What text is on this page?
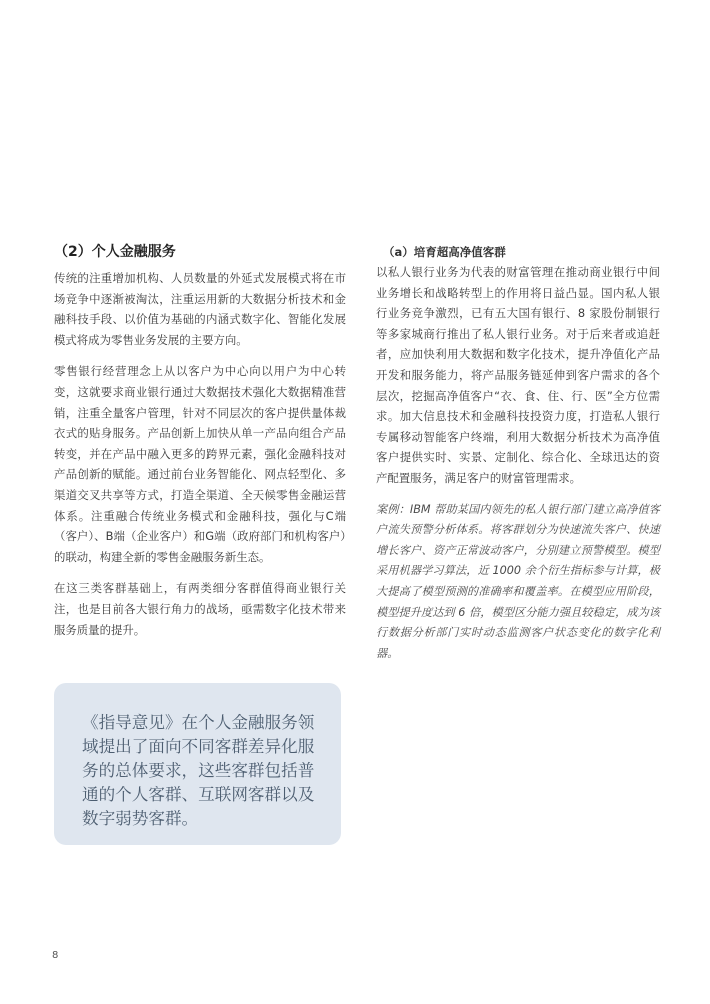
（2）个人金融服务

传统的注重增加机构、人员数量的外延式发展模式将在市场竞争中逐渐被淘汰，注重运用新的大数据分析技术和金融科技手段、以价值为基础的内涵式数字化、智能化发展模式将成为零售业务发展的主要方向。

零售银行经营理念上从以客户为中心向以用户为中心转变，这就要求商业银行通过大数据技术强化大数据精准营销，注重全量客户管理，针对不同层次的客户提供量体裁衣式的贴身服务。产品创新上加快从单一产品向组合产品转变，并在产品中融入更多的跨界元素，强化金融科技对产品创新的赋能。通过前台业务智能化、网点轻型化、多渠道交叉共享等方式，打造全渠道、全天候零售金融运营体系。注重融合传统业务模式和金融科技，强化与C端（客户）、B端（企业客户）和G端（政府部门和机构客户）的联动，构建全新的零售金融服务新生态。

在这三类客群基础上，有两类细分客群值得商业银行关注，也是目前各大银行角力的战场，亟需数字化技术带来服务质量的提升。

（a）培育超高净值客群

以私人银行业务为代表的财富管理在推动商业银行中间业务增长和战略转型上的作用将日益凸显。国内私人银行业务竞争激烈，已有五大国有银行、8 家股份制银行等多家城商行推出了私人银行业务。对于后来者或追赶者，应加快利用大数据和数字化技术，提升净值化产品开发和服务能力，将产品服务链延伸到客户需求的各个层次，挖掘高净值客户“衣、食、住、行、医”全方位需求。加大信息技术和金融科技投资力度，打造私人银行专属移动智能客户终端，利用大数据分析技术为高净值客户提供实时、实景、定制化、综合化、全球迅达的资产配置服务，满足客户的财富管理需求。

案例：IBM 帮助某国内领先的私人银行部门建立高净值客户流失预警分析体系。将客群划分为快速流失客户、快速增长客户、资产正常波动客户，分别建立预警模型。模型采用机器学习算法，近 1000 余个衍生指标参与计算，极大提高了模型预测的准确率和覆盖率。在模型应用阶段，模型提升度达到 6 倍，模型区分能力强且较稳定，成为该行数据分析部门实时动态监测客户状态变化的数字化利器。

《指导意见》在个人金融服务领域提出了面向不同客群差异化服务的总体要求，这些客群包括普通的个人客群、互联网客群以及数字弱势客群。

8
